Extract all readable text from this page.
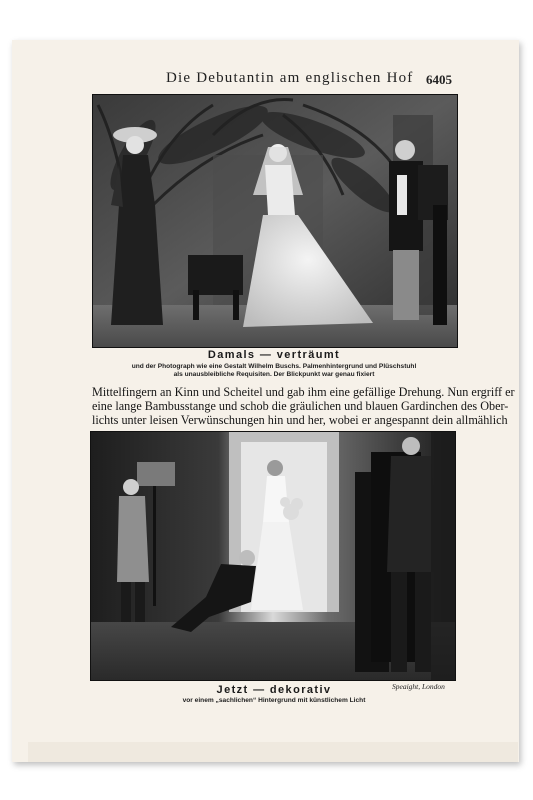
Die Debutantin am englischen Hof 6405
Damals — verträumt
und der Photograph wie eine Gestalt Wilhelm Buschs. Palmenhintergrund und Plüschstuhl
als unausbleibliche Requisiten. Der Blickpunkt war genau fixiert
Mittelfingern an Kinn und Scheitel und gab ihm eine gefällige Drehung. Nun ergriff er
eine lange Bambusstange und schob die gräulichen und blauen Gardinchen des Ober-
lichts unter leisen Verwünschungen hin und her, wobei er angespannt dein allmählich
Speaight, London
Jetzt — dekorativ
vor einem „sachlichen“ Hintergrund mit künstlichem Licht
